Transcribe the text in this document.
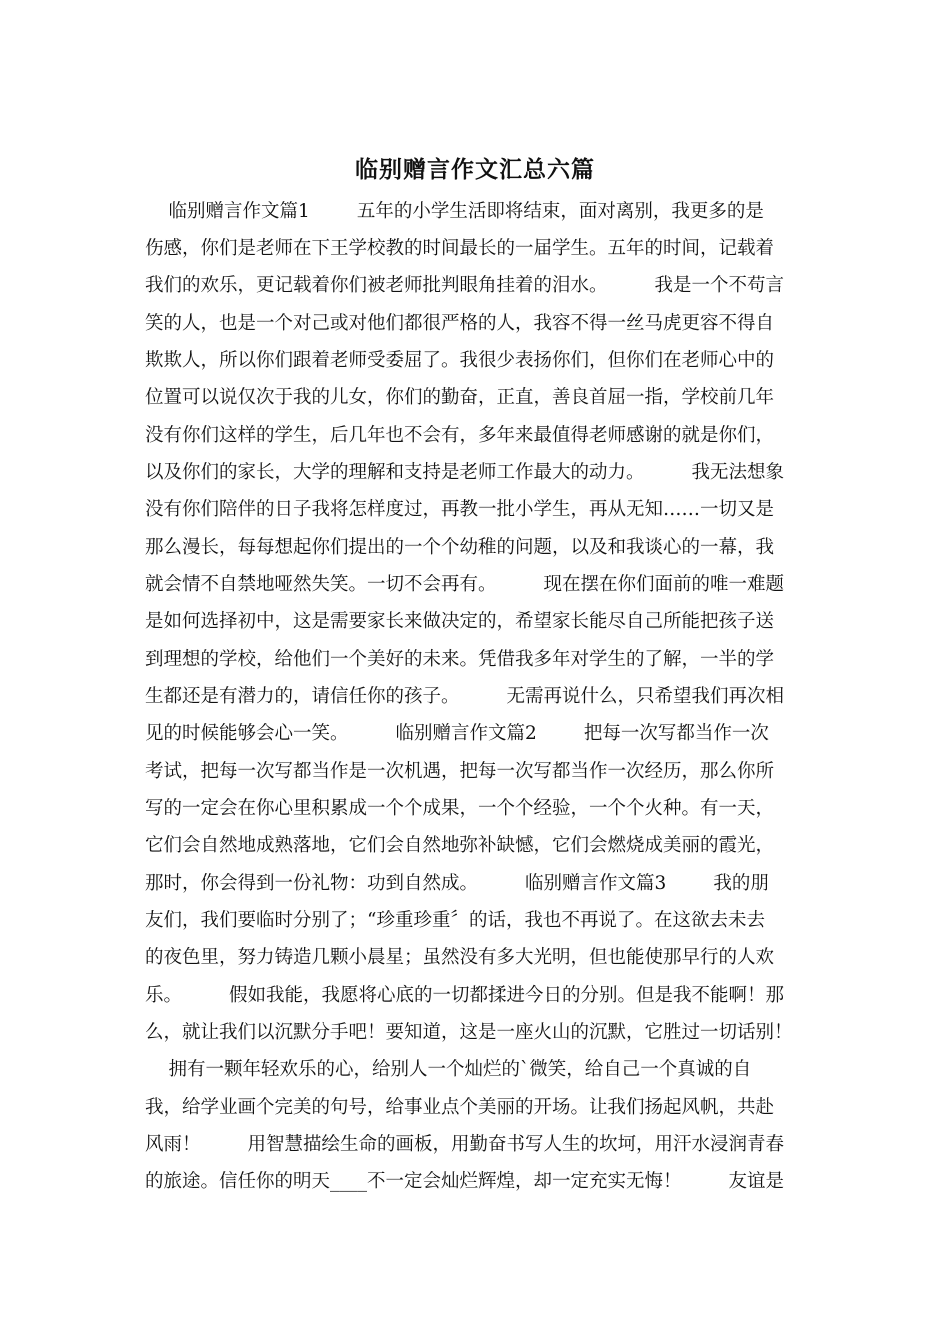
临别赠言作文汇总六篇
临别赠言作文篇1        五年的小学生活即将结束，面对离别，我更多的是
伤感，你们是老师在下王学校教的时间最长的一届学生。五年的时间，记载着
我们的欢乐，更记载着你们被老师批判眼角挂着的泪水。        我是一个不苟言
笑的人，也是一个对己或对他们都很严格的人，我容不得一丝马虎更容不得自
欺欺人，所以你们跟着老师受委屈了。我很少表扬你们，但你们在老师心中的
位置可以说仅次于我的儿女，你们的勤奋，正直，善良首屈一指，学校前几年
没有你们这样的学生，后几年也不会有，多年来最值得老师感谢的就是你们，
以及你们的家长，大学的理解和支持是老师工作最大的动力。        我无法想象
没有你们陪伴的日子我将怎样度过，再教一批小学生，再从无知……一切又是
那么漫长，每每想起你们提出的一个个幼稚的问题，以及和我谈心的一幕，我
就会情不自禁地哑然失笑。一切不会再有。        现在摆在你们面前的唯一难题
是如何选择初中，这是需要家长来做决定的，希望家长能尽自己所能把孩子送
到理想的学校，给他们一个美好的未来。凭借我多年对学生的了解，一半的学
生都还是有潜力的，请信任你的孩子。        无需再说什么，只希望我们再次相
见的时候能够会心一笑。        临别赠言作文篇2        把每一次写都当作一次
考试，把每一次写都当作是一次机遇，把每一次写都当作一次经历，那么你所
写的一定会在你心里积累成一个个成果，一个个经验，一个个火种。有一天，
它们会自然地成熟落地，它们会自然地弥补缺憾，它们会燃烧成美丽的霞光，
那时，你会得到一份礼物：功到自然成。        临别赠言作文篇3        我的朋
友们，我们要临时分别了；“珍重珍重〞的话，我也不再说了。在这欲去未去
的夜色里，努力铸造几颗小晨星；虽然没有多大光明，但也能使那早行的人欢
乐。        假如我能，我愿将心底的一切都揉进今日的分别。但是我不能啊！那
么，就让我们以沉默分手吧！要知道，这是一座火山的沉默，它胜过一切话别！
拥有一颗年轻欢乐的心，给别人一个灿烂的`微笑，给自己一个真诚的自
我，给学业画个完美的句号，给事业点个美丽的开场。让我们扬起风帆，共赴
风雨！        用智慧描绘生命的画板，用勤奋书写人生的坎坷，用汗水浸润青春
的旅途。信任你的明天____不一定会灿烂辉煌，却一定充实无悔！        友谊是
